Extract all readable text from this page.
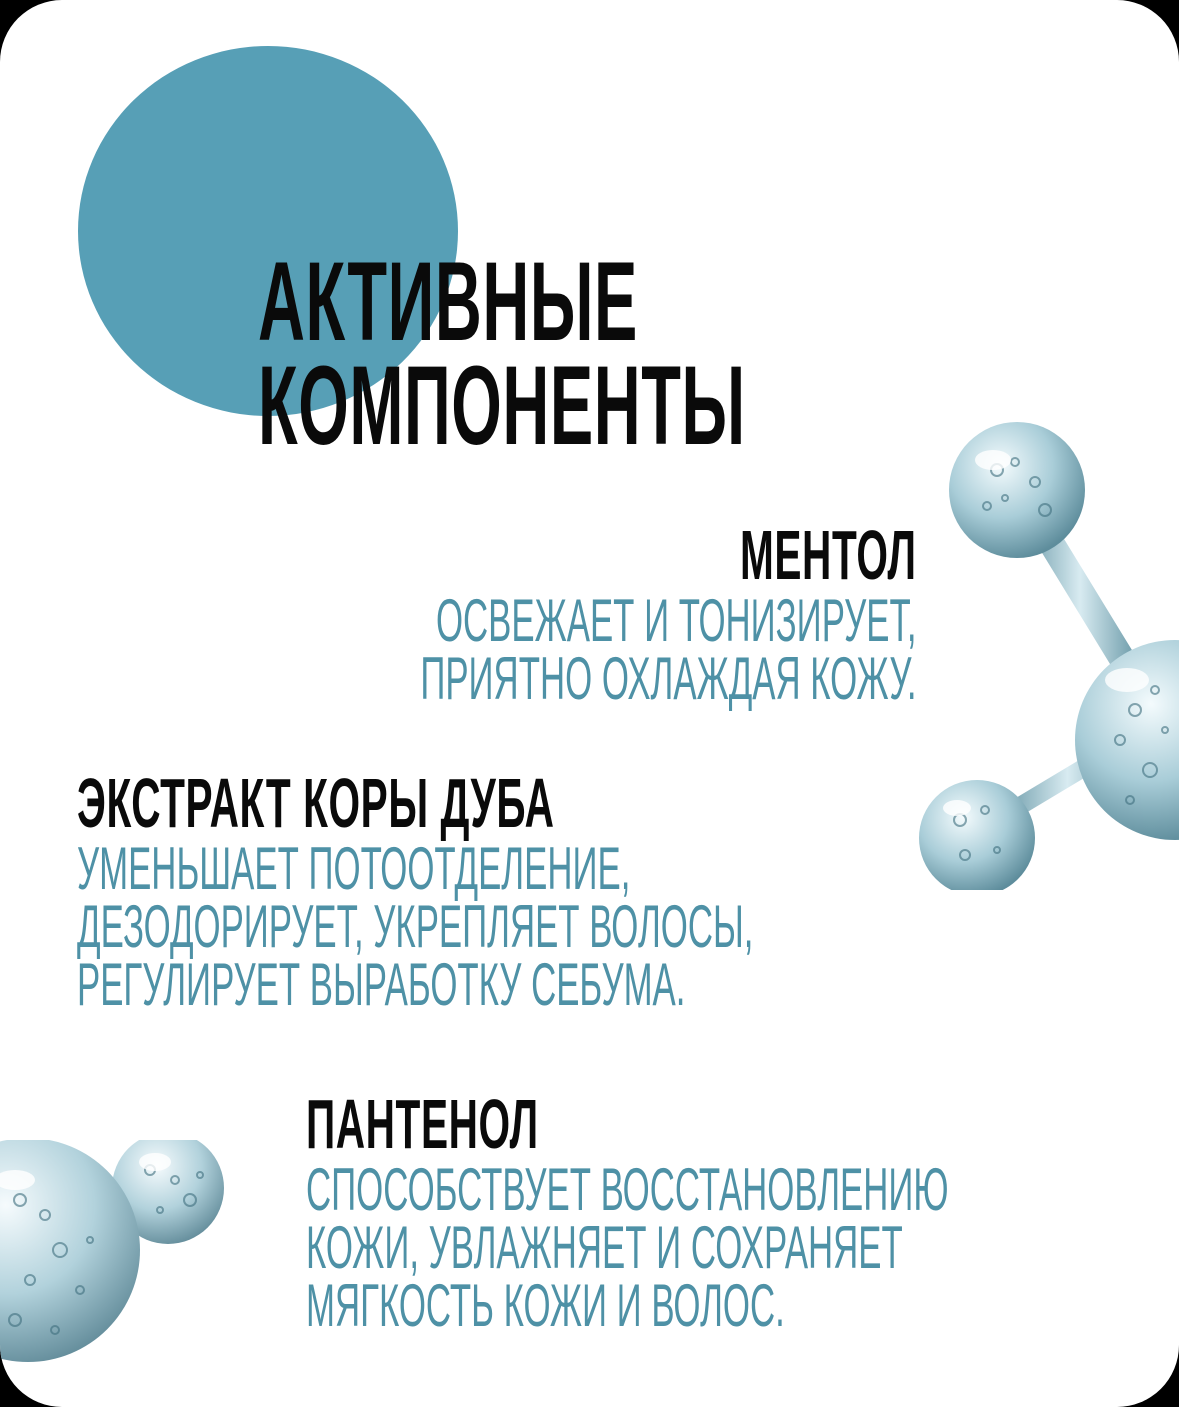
АКТИВНЫЕ
КОМПОНЕНТЫ
МЕНТОЛ
ОСВЕЖАЕТ И ТОНИЗИРУЕТ,
ПРИЯТНО ОХЛАЖДАЯ КОЖУ.
ЭКСТРАКТ КОРЫ ДУБА
УМЕНЬШАЕТ ПОТООТДЕЛЕНИЕ,
ДЕЗОДОРИРУЕТ, УКРЕПЛЯЕТ ВОЛОСЫ,
РЕГУЛИРУЕТ ВЫРАБОТКУ СЕБУМА.
ПАНТЕНОЛ
СПОСОБСТВУЕТ ВОССТАНОВЛЕНИЮ
КОЖИ, УВЛАЖНЯЕТ И СОХРАНЯЕТ
МЯГКОСТЬ КОЖИ И ВОЛОС.
